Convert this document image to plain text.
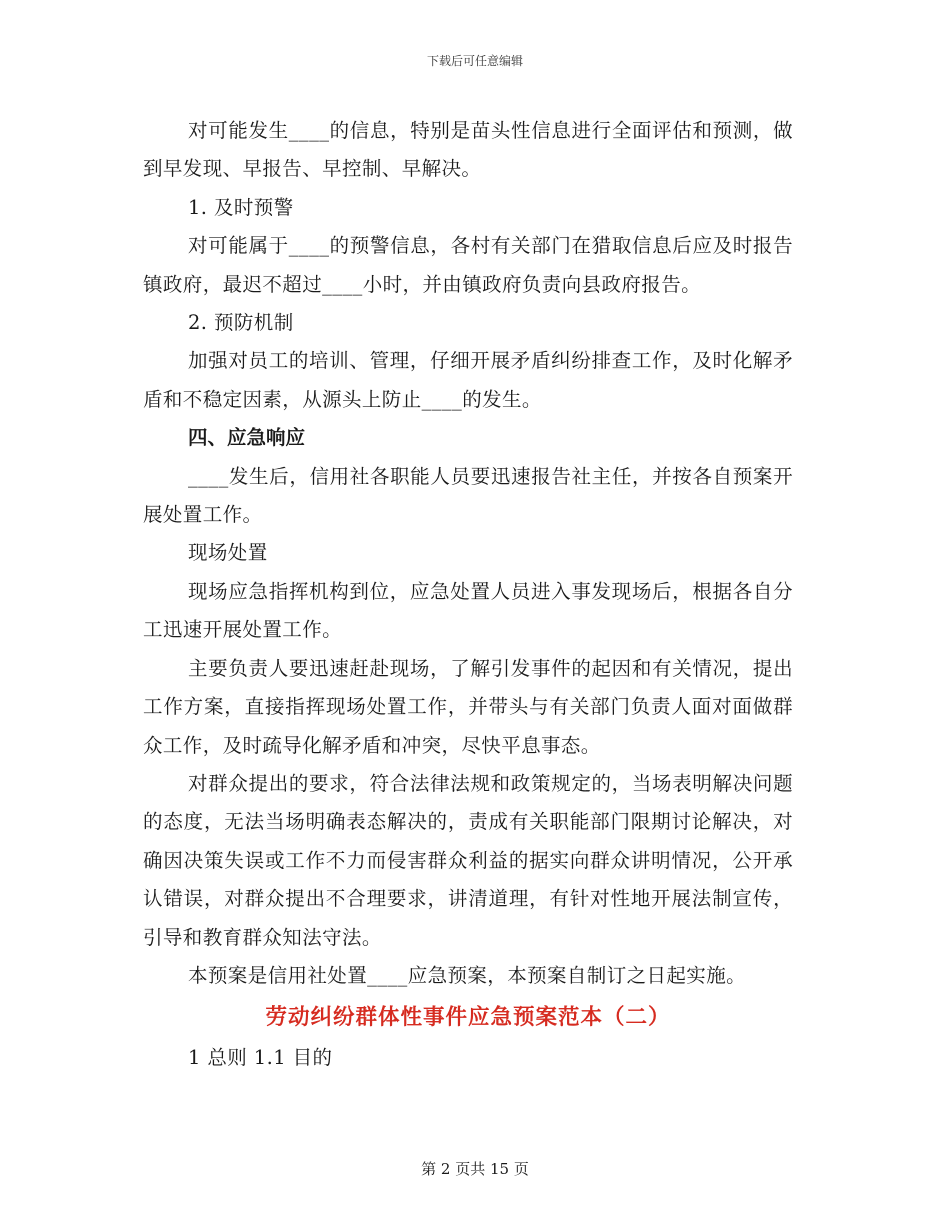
下载后可任意编辑

对可能发生____的信息，特别是苗头性信息进行全面评估和预测，做到早发现、早报告、早控制、早解决。

1. 及时预警

对可能属于____的预警信息，各村有关部门在猎取信息后应及时报告镇政府，最迟不超过____小时，并由镇政府负责向县政府报告。

2. 预防机制

加强对员工的培训、管理，仔细开展矛盾纠纷排查工作，及时化解矛盾和不稳定因素，从源头上防止____的发生。

四、应急响应

____发生后，信用社各职能人员要迅速报告社主任，并按各自预案开展处置工作。

现场处置

现场应急指挥机构到位，应急处置人员进入事发现场后，根据各自分工迅速开展处置工作。

主要负责人要迅速赶赴现场，了解引发事件的起因和有关情况，提出工作方案，直接指挥现场处置工作，并带头与有关部门负责人面对面做群众工作，及时疏导化解矛盾和冲突，尽快平息事态。

对群众提出的要求，符合法律法规和政策规定的，当场表明解决问题的态度，无法当场明确表态解决的，责成有关职能部门限期讨论解决，对确因决策失误或工作不力而侵害群众利益的据实向群众讲明情况，公开承认错误，对群众提出不合理要求，讲清道理，有针对性地开展法制宣传，引导和教育群众知法守法。

本预案是信用社处置____应急预案，本预案自制订之日起实施。

劳动纠纷群体性事件应急预案范本（二）

1 总则 1.1 目的

第 2 页共 15 页
